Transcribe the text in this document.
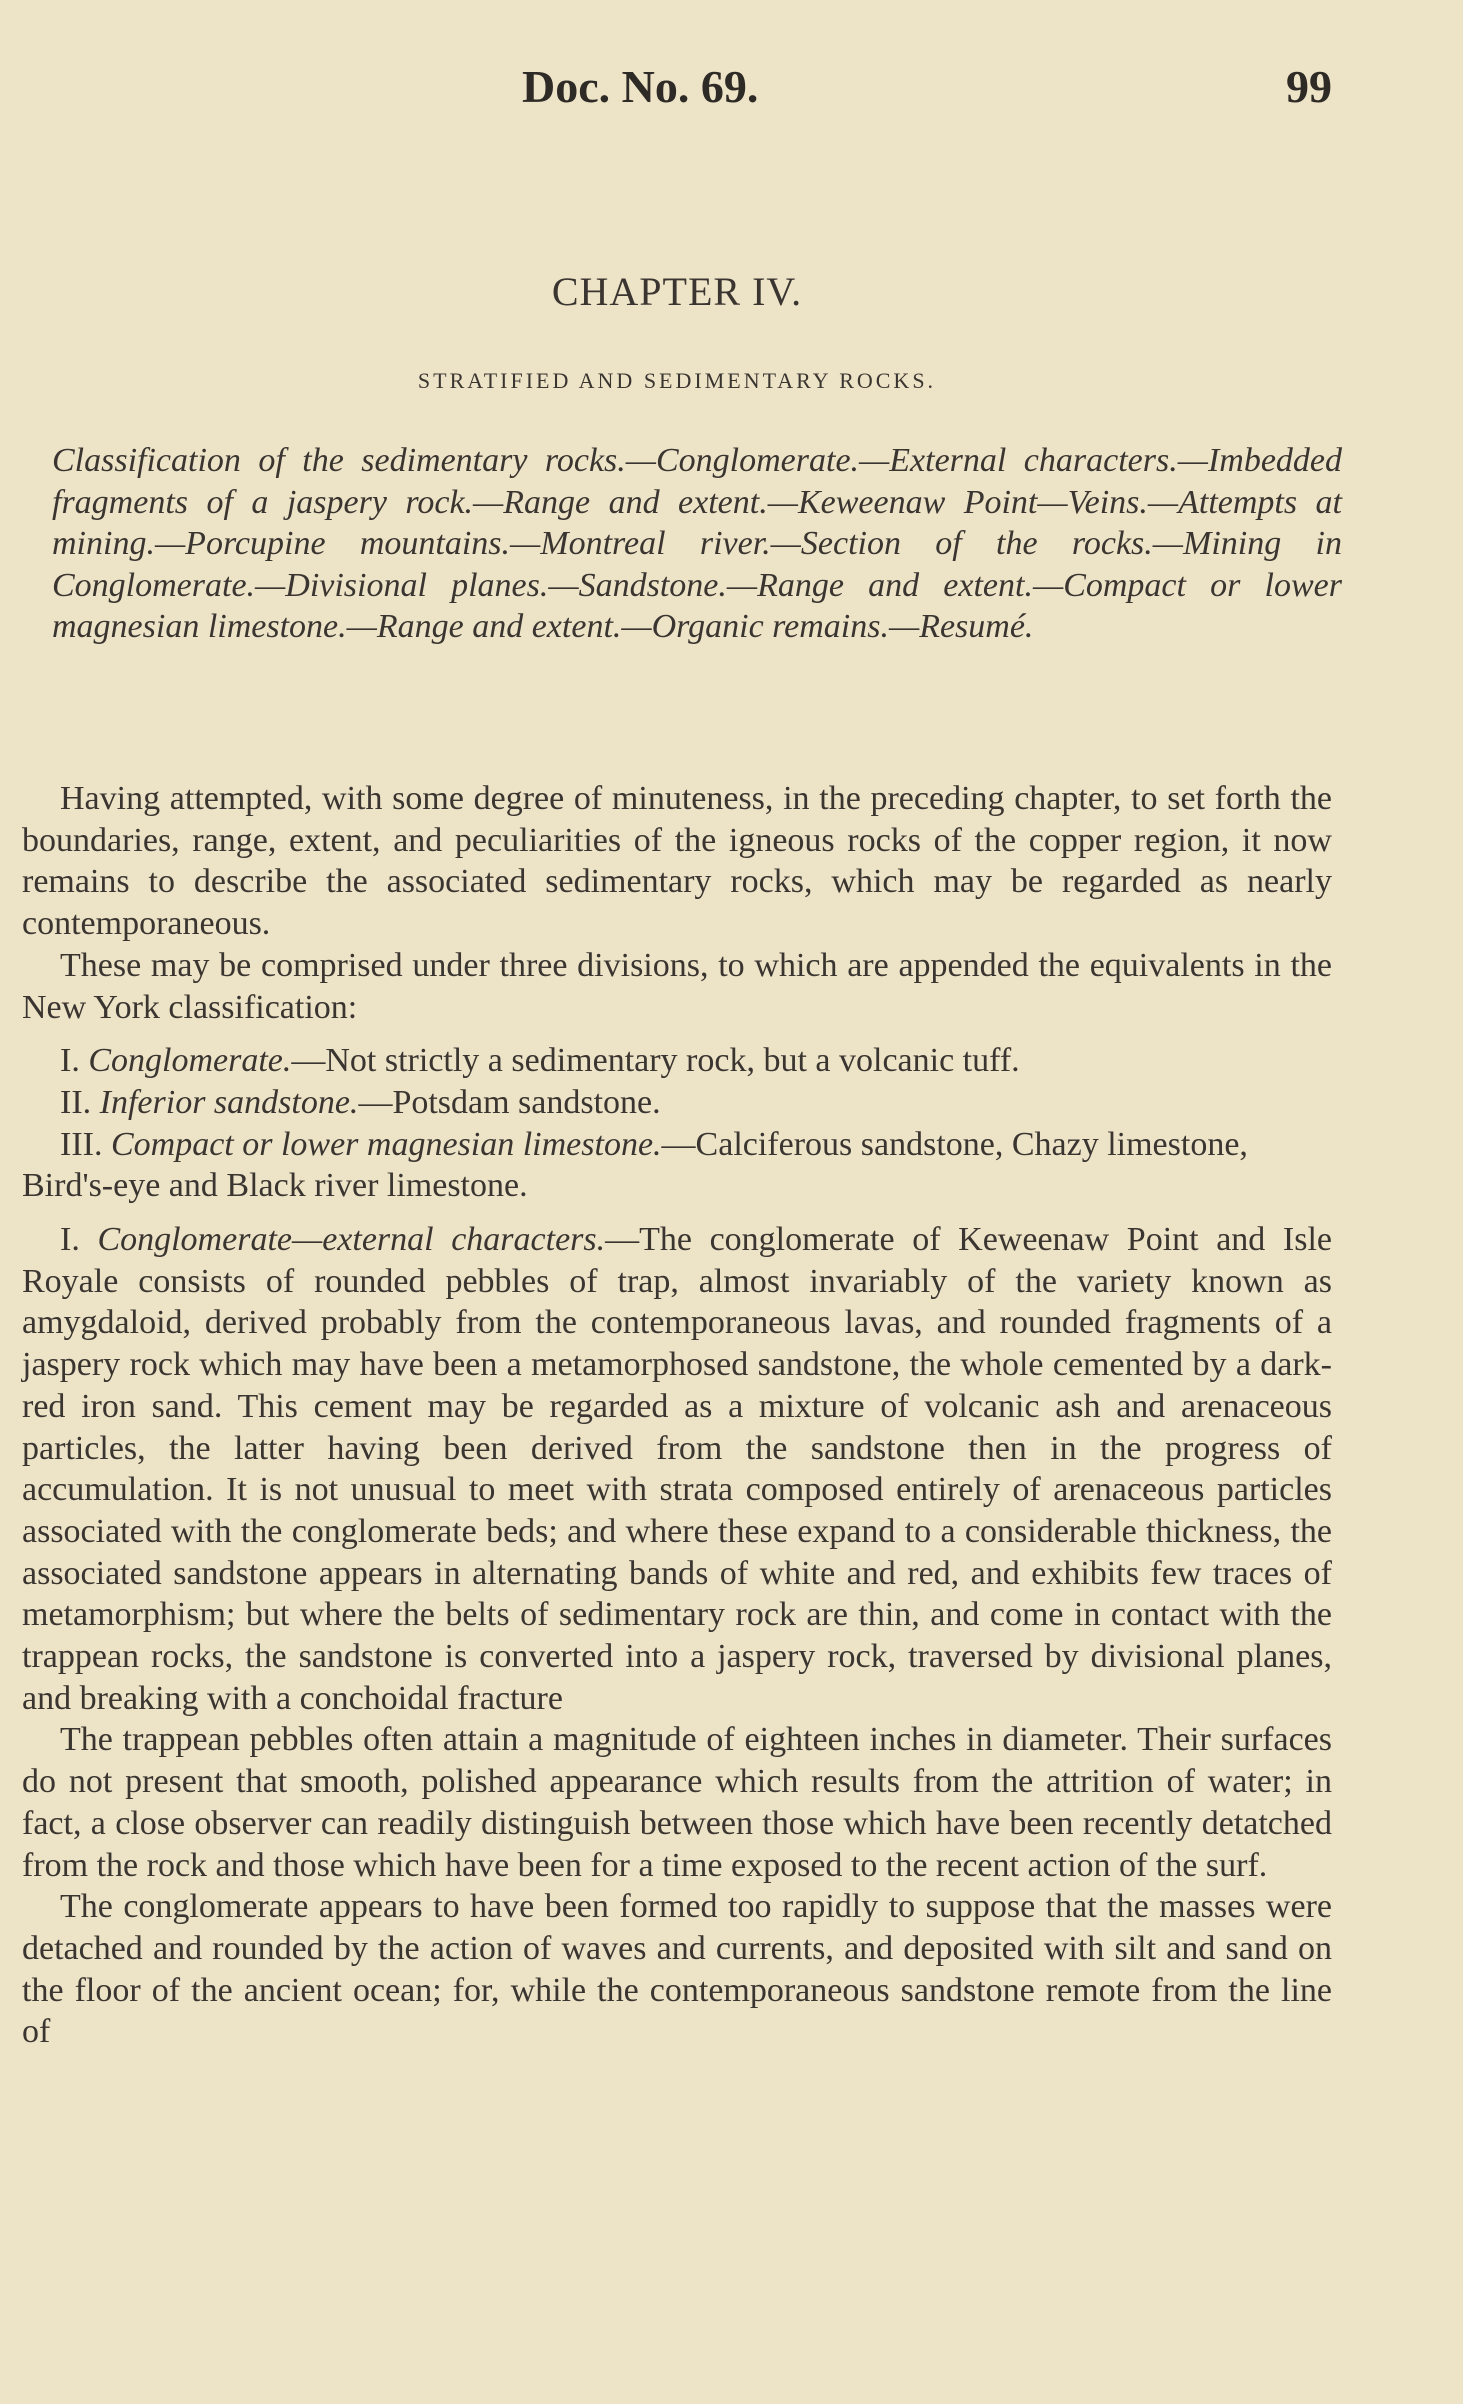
Doc. No. 69.	99
CHAPTER IV.
STRATIFIED AND SEDIMENTARY ROCKS.
Classification of the sedimentary rocks.—Conglomerate.—External characters.—Imbedded fragments of a jaspery rock.—Range and extent.—Keweenaw Point—Veins.—Attempts at mining.—Porcupine mountains.—Montreal river.—Section of the rocks.—Mining in Conglomerate.—Divisional planes.—Sandstone.—Range and extent.—Compact or lower magnesian limestone.—Range and extent.—Organic remains.—Resumé.

Having attempted, with some degree of minuteness, in the preceding chapter, to set forth the boundaries, range, extent, and peculiarities of the igneous rocks of the copper region, it now remains to describe the associated sedimentary rocks, which may be regarded as nearly contemporaneous.

These may be comprised under three divisions, to which are appended the equivalents in the New York classification:

I. Conglomerate.—Not strictly a sedimentary rock, but a volcanic tuff.
II. Inferior sandstone.—Potsdam sandstone.
III. Compact or lower magnesian limestone.—Calciferous sandstone, Chazy limestone, Bird's-eye and Black river limestone.

I. Conglomerate—external characters.—The conglomerate of Keweenaw Point and Isle Royale consists of rounded pebbles of trap, almost invariably of the variety known as amygdaloid, derived probably from the contemporaneous lavas, and rounded fragments of a jaspery rock which may have been a metamorphosed sandstone, the whole cemented by a dark-red iron sand. This cement may be regarded as a mixture of volcanic ash and arenaceous particles, the latter having been derived from the sandstone then in the progress of accumulation. It is not unusual to meet with strata composed entirely of arenaceous particles associated with the conglomerate beds; and where these expand to a considerable thickness, the associated sandstone appears in alternating bands of white and red, and exhibits few traces of metamorphism; but where the belts of sedimentary rock are thin, and come in contact with the trappean rocks, the sandstone is converted into a jaspery rock, traversed by divisional planes, and breaking with a conchoidal fracture

The trappean pebbles often attain a magnitude of eighteen inches in diameter. Their surfaces do not present that smooth, polished appearance which results from the attrition of water; in fact, a close observer can readily distinguish between those which have been recently detatched from the rock and those which have been for a time exposed to the recent action of the surf.

The conglomerate appears to have been formed too rapidly to suppose that the masses were detached and rounded by the action of waves and currents, and deposited with silt and sand on the floor of the ancient ocean; for, while the contemporaneous sandstone remote from the line of
